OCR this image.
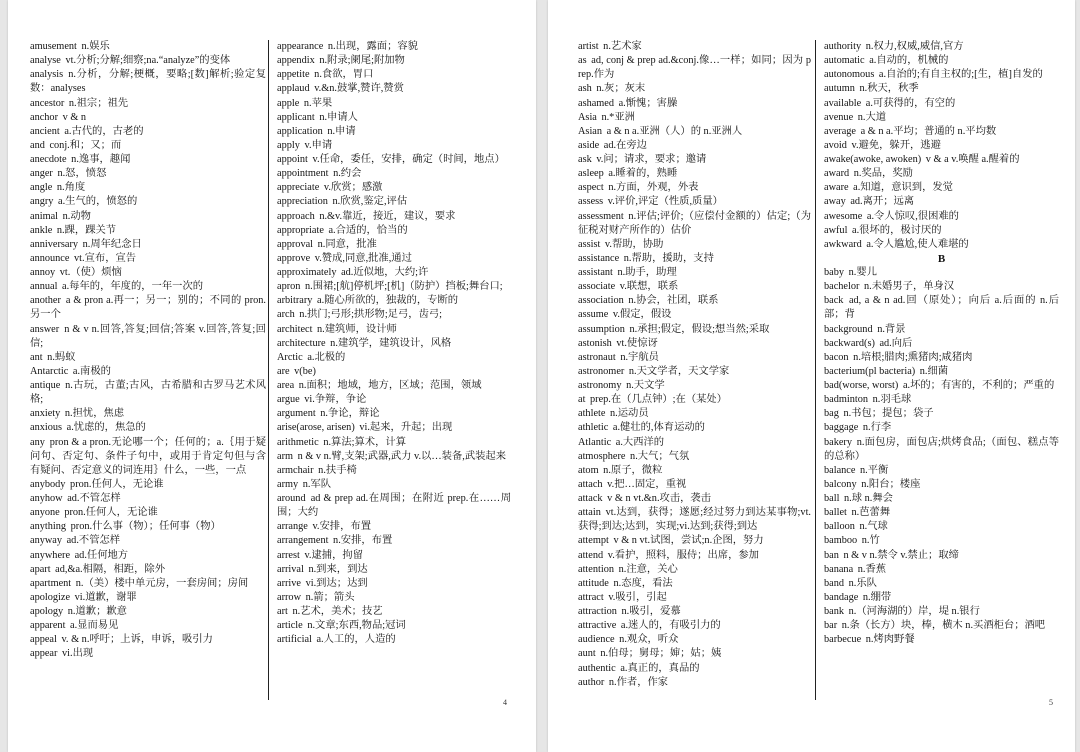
amusement n.娱乐
analyse vt.分析;分解;细察;na.“analyze”的变体
analysis n.分析，分解;梗概，要略;[数]解析;验定复数：analyses
ancestor n.祖宗；祖先
anchor v & n
ancient a.古代的，古老的
and conj.和；又；而
anecdote n.逸事，趣闻
anger n.怒，愤怒
angle n.角度
angry a.生气的，愤怒的
animal n.动物
ankle n.踝，踝关节
anniversary n.周年纪念日
announce vt.宣布，宣告
annoy vt.（使）烦恼
annual a.每年的，年度的，一年一次的
another a & pron a.再一；另一；别的；不同的 pron.另一个
answer n & v n.回答,答复;回信;答案 v.回答,答复;回信;
ant n.蚂蚁
Antarctic a.南极的
antique n.古玩，古董;古风，古希腊和古罗马艺术风格;
anxiety n.担忧，焦虑
anxious a.忧虑的，焦急的
any pron & a pron.无论哪一个；任何的；a.｛用于疑问句、否定句、条件子句中，或用于肯定句但与含有疑问、否定意义的词连用｝什么，一些，一点
anybody pron.任何人，无论谁
anyhow ad.不管怎样
anyone pron.任何人，无论谁
anything pron.什么事（物）；任何事（物）
anyway ad.不管怎样
anywhere ad.任何地方
apart ad,&a.相隔，相距，除外
apartment n.（美）楼中单元房，一套房间；房间
apologize vi.道歉，谢罪
apology n.道歉；歉意
apparent a.显而易见
appeal v. & n.呼吁；上诉，申诉，吸引力
appear vi.出现
appearance n.出现，露面；容貌
appendix n.附录;阑尾;附加物
appetite n.食欲，胃口
applaud v.&n.鼓掌,赞许,赞赏
apple n.苹果
applicant n.申请人
application n.申请
apply v.申请
appoint v.任命，委任，安排，确定（时间，地点）
appointment n.约会
appreciate v.欣赏；感激
appreciation n.欣赏,鉴定,评估
approach n.&v.靠近，接近，建议，要求
appropriate a.合适的，恰当的
approval n.同意，批准
approve v.赞成,同意,批准,通过
approximately ad.近似地，大约;许
apron n.围裙;[航]停机坪;[机]（防护）挡板;舞台口;
arbitrary a.随心所欲的，独裁的，专断的
arch n.拱门;弓形;拱形物;足弓，齿弓;
architect n.建筑师，设计师
architecture n.建筑学，建筑设计，风格
Arctic a.北极的
are v(be)
area n.面积；地域，地方，区域；范围，领域
argue vi.争辩，争论
argument n.争论，辩论
arise(arose, arisen) vi.起来，升起；出现
arithmetic n.算法;算术，计算
arm n & v n.臂,支架;武器,武力 v.以…装备,武装起来
armchair n.扶手椅
army n.军队
around ad & prep ad.在周围；在附近 prep.在……周围；大约
arrange v.安排，布置
arrangement n.安排，布置
arrest v.逮捕，拘留
arrival n.到来，到达
arrive vi.到达；达到
arrow n.箭；箭头
art n.艺术，美术；技艺
article n.文章;东西,物品;冠词
artificial a.人工的，人造的
4
artist n.艺术家
as ad, conj & prep ad.&conj.像…一样；如同；因为 prep.作为
ash n.灰；灰末
ashamed a.惭愧；害臊
Asia n.*亚洲
Asian a & n a.亚洲（人）的 n.亚洲人
aside ad.在旁边
ask v.问；请求，要求；邀请
asleep a.睡着的，熟睡
aspect n.方面，外观，外表
assess v.评价,评定（性质,质量）
assessment n.评估;评价;（应偿付金额的）估定;（为征税对财产所作的）估价
assist v.帮助，协助
assistance n.帮助，援助，支持
assistant n.助手，助理
associate v.联想，联系
association n.协会，社团，联系
assume v.假定，假设
assumption n.承担;假定，假设;想当然;采取
astonish vt.使惊讶
astronaut n.宇航员
astronomer n.天文学者，天文学家
astronomy n.天文学
at prep.在（几点钟）;在（某处）
athlete n.运动员
athletic a.健壮的,体育运动的
Atlantic a.大西洋的
atmosphere n.大气；气氛
atom n.原子，微粒
attach v.把…固定，重视
attack v & n vt.&n.攻击，袭击
attain vt.达到，获得；遂愿;经过努力到达某事物;vt.获得;到达;达到，实现;vi.达到;获得;到达
attempt v & n vt.试图，尝试;n.企图，努力
attend v.看护，照料，服侍；出席，参加
attention n.注意，关心
attitude n.态度，看法
attract v.吸引，引起
attraction n.吸引，爱慕
attractive a.迷人的，有吸引力的
audience n.观众，听众
aunt n.伯母；舅母；婶；姑；姨
authentic a.真正的，真品的
author n.作者，作家
authority n.权力,权威,威信,官方
automatic a.自动的，机械的
autonomous a.自治的;有自主权的;[生，植]自发的
autumn n.秋天，秋季
available a.可获得的，有空的
avenue n.大道
average a & n a.平均；普通的 n.平均数
avoid v.避免，躲开，逃避
awake(awoke, awoken) v & a v.唤醒 a.醒着的
award n.奖品，奖励
aware a.知道，意识到，发觉
away ad.离开；远离
awesome a.令人惊叹,很困难的
awful a.很坏的，极讨厌的
awkward a.令人尴尬,使人难堪的
B
baby n.婴儿
bachelor n.未婚男子，单身汉
back ad, a & n ad.回（原处）；向后 a.后面的 n.后部；背
background n.背景
backward(s) ad.向后
bacon n.培根;腊肉;熏猪肉;咸猪肉
bacterium(pl bacteria) n.细菌
bad(worse, worst) a.坏的；有害的，不利的；严重的
badminton n.羽毛球
bag n.书包；提包；袋子
baggage n.行李
bakery n.面包房，面包店;烘烤食品;（面包、糕点等的总称）
balance n.平衡
balcony n.阳台；楼座
ball n.球 n.舞会
ballet n.芭蕾舞
balloon n.气球
bamboo n.竹
ban n & v n.禁令 v.禁止；取缔
banana n.香蕉
band n.乐队
bandage n.绷带
bank n.（河海湖的）岸，堤 n.银行
bar n.条（长方）块，棒，横木 n.买酒柜台；酒吧
barbecue n.烤肉野餐
5
